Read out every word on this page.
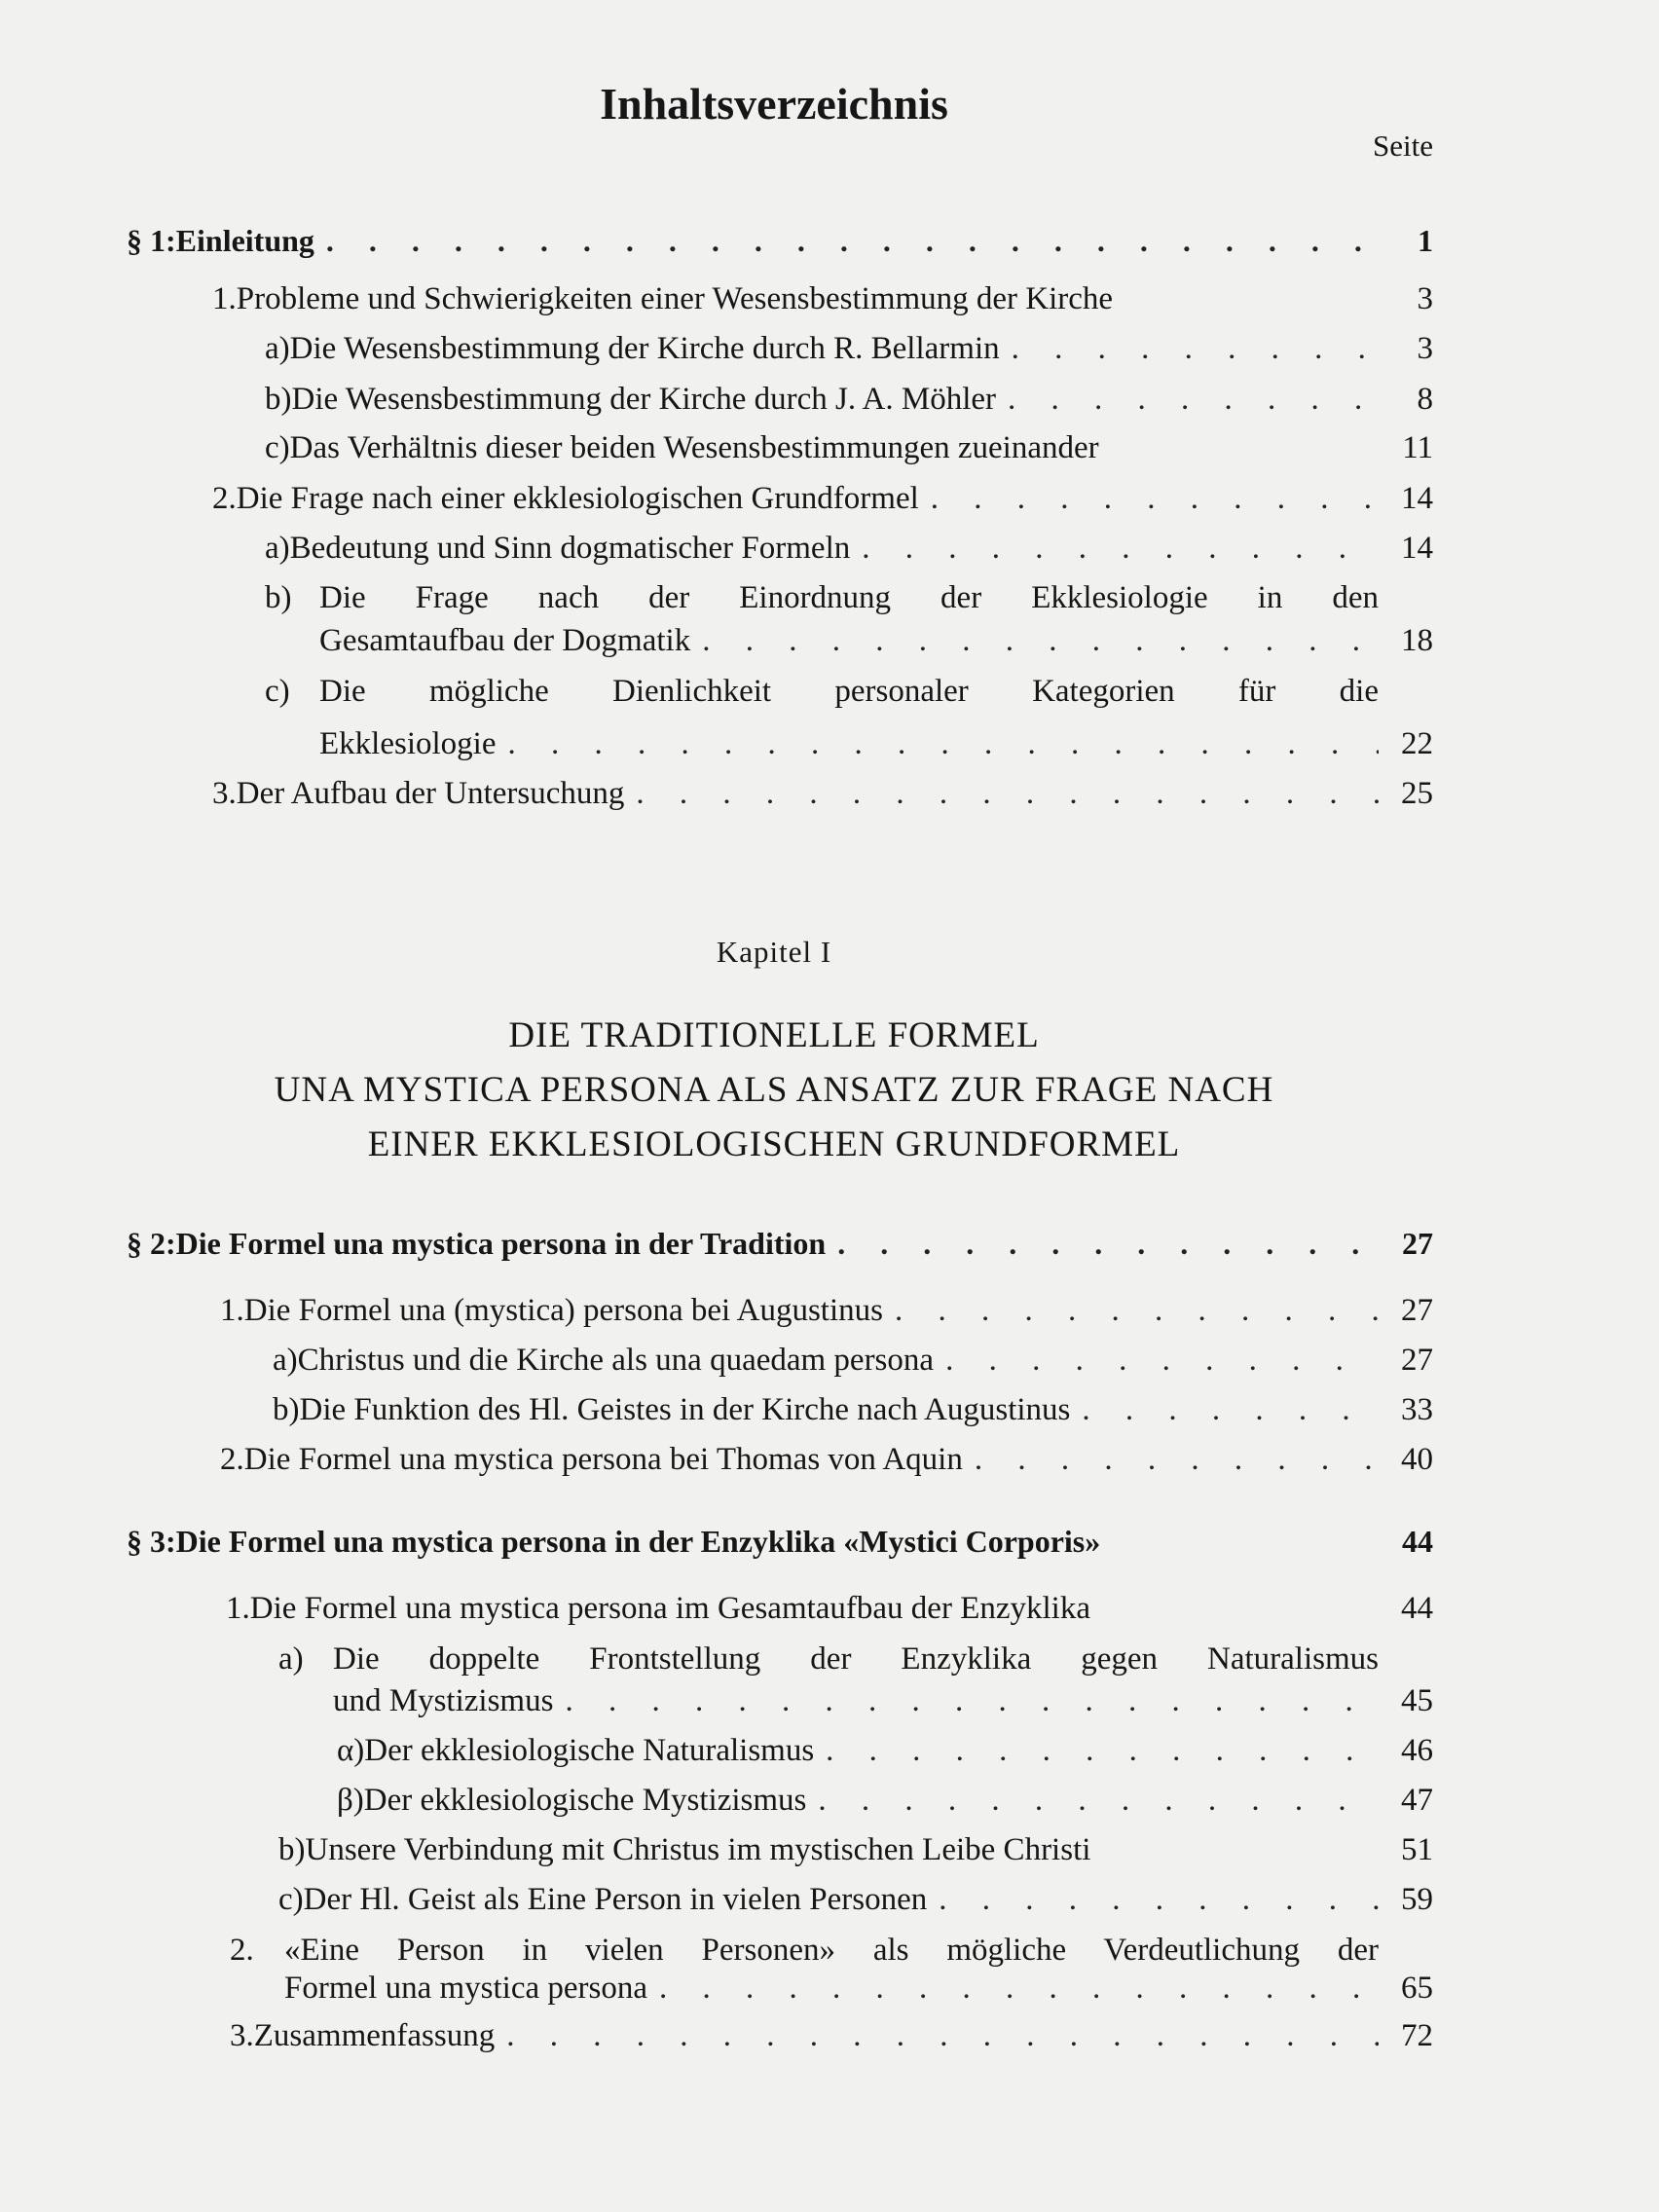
Inhaltsverzeichnis
Seite
§ 1: Einleitung . . .	1
1. Probleme und Schwierigkeiten einer Wesensbestimmung der Kirche	3
a) Die Wesensbestimmung der Kirche durch R. Bellarmin . . .	3
b) Die Wesensbestimmung der Kirche durch J. A. Möhler . . .	8
c) Das Verhältnis dieser beiden Wesensbestimmungen zueinander	11
2. Die Frage nach einer ekklesiologischen Grundformel . . .	14
a) Bedeutung und Sinn dogmatischer Formeln . . .	14
b) Die Frage nach der Einordnung der Ekklesiologie in den
Gesamtaufbau der Dogmatik . . .	18
c) Die mögliche Dienlichkeit personaler Kategorien für die
Ekklesiologie . . .	22
3. Der Aufbau der Untersuchung . . .	25
Kapitel I
DIE TRADITIONELLE FORMEL
UNA MYSTICA PERSONA ALS ANSATZ ZUR FRAGE NACH
EINER EKKLESIOLOGISCHEN GRUNDFORMEL
§ 2: Die Formel una mystica persona in der Tradition . . .	27
1. Die Formel una (mystica) persona bei Augustinus . . .	27
a) Christus und die Kirche als una quaedam persona . . .	27
b) Die Funktion des Hl. Geistes in der Kirche nach Augustinus . . .	33
2. Die Formel una mystica persona bei Thomas von Aquin . . .	40
§ 3: Die Formel una mystica persona in der Enzyklika «Mystici Corporis»	44
1. Die Formel una mystica persona im Gesamtaufbau der Enzyklika	44
a) Die doppelte Frontstellung der Enzyklika gegen Naturalismus
und Mystizismus . . .	45
α) Der ekklesiologische Naturalismus . . .	46
β) Der ekklesiologische Mystizismus . . .	47
b) Unsere Verbindung mit Christus im mystischen Leibe Christi	51
c) Der Hl. Geist als Eine Person in vielen Personen . . .	59
2. «Eine Person in vielen Personen» als mögliche Verdeutlichung der
Formel una mystica persona . . .	65
3. Zusammenfassung . . .	72
